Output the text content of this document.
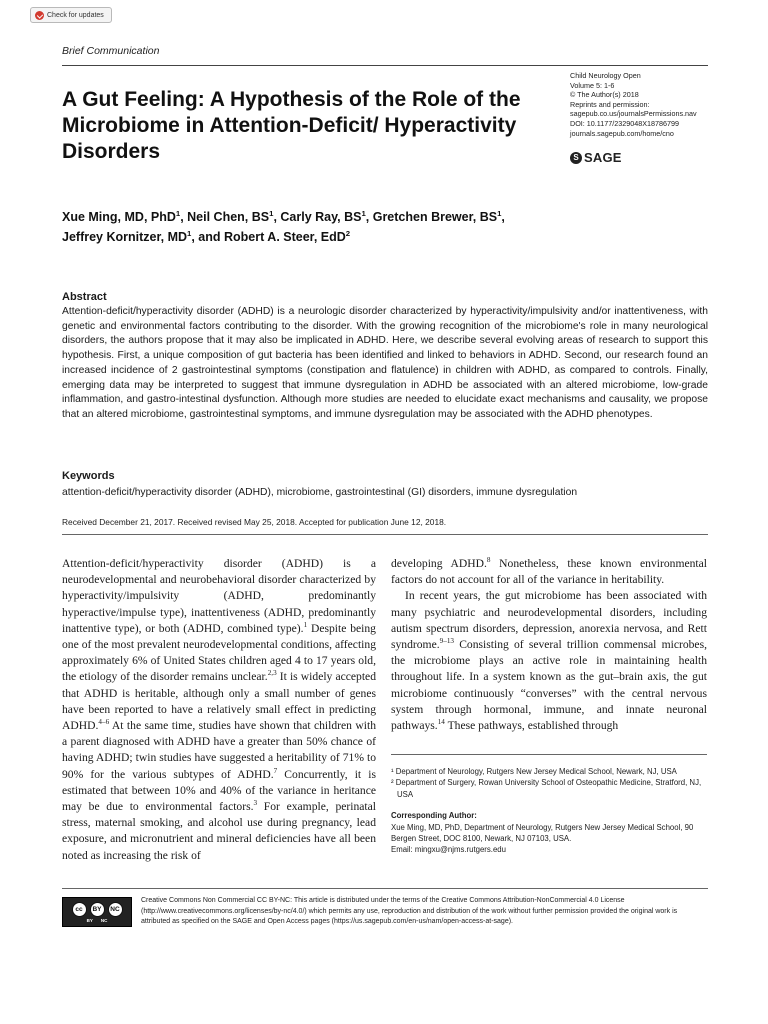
Check for updates
Brief Communication
Child Neurology Open
Volume 5: 1-6
© The Author(s) 2018
Reprints and permission:
sagepub.co.us/journalsPermissions.nav
DOI: 10.1177/2329048X18786799
journals.sagepub.com/home/cno
S SAGE
A Gut Feeling: A Hypothesis of the Role of the Microbiome in Attention-Deficit/ Hyperactivity Disorders
Xue Ming, MD, PhD$^1$, Neil Chen, $BS^1$, Carly Ray, $BS^1$, Gretchen Brewer, $BS^1$,
Jeffrey Kornitzer, $MD^1$, and Robert A. Steer, EdD$^2$
Abstract
Attention-deficit/hyperactivity disorder (ADHD) is a neurologic disorder characterized by hyperactivity/impulsivity and/or inattentiveness, with genetic and environmental factors contributing to the disorder. With the growing recognition of the microbiome's role in many neurological disorders, the authors propose that it may also be implicated in ADHD. Here, we describe several evolving areas of research to support this hypothesis. First, a unique composition of gut bacteria has been identified and linked to behaviors in ADHD. Second, our research found an increased incidence of 2 gastrointestinal symptoms (constipation and flatulence) in children with ADHD, as compared to controls. Finally, emerging data may be interpreted to suggest that immune dysregulation in ADHD be associated with an altered microbiome, low-grade inflammation, and gastro-intestinal dysfunction. Although more studies are needed to elucidate exact mechanisms and causality, we propose that an altered microbiome, gastrointestinal symptoms, and immune dysregulation may be associated with the ADHD phenotypes.
Keywords
attention-deficit/hyperactivity disorder (ADHD), microbiome, gastrointestinal (GI) disorders, immune dysregulation
Received December 21, 2017. Received revised May 25, 2018. Accepted for publication June 12, 2018.

Attention-deficit/hyperactivity disorder (ADHD) is a neurodevelopmental and neurobehavioral disorder characterized by hyperactivity/impulsivity (ADHD, predominantly hyperactive/impulse type), inattentiveness (ADHD, predominantly inattentive type), or both (ADHD, combined type).$^1$ Despite being one of the most prevalent neurodevelopmental conditions, affecting approximately 6% of United States children aged 4 to 17 years old, the etiology of the disorder remains unclear.$^{2,3}$ It is widely accepted that ADHD is heritable, although only a small number of genes have been reported to have a relatively small effect in predicting ADHD.$^{4-6}$ At the same time, studies have shown that children with a parent diagnosed with ADHD have a greater than 50% chance of having ADHD; twin studies have suggested a heritability of 71% to 90% for the various subtypes of ADHD.$^7$ Concurrently, it is estimated that between 10% and 40% of the variance in heritance may be due to environmental factors.$^3$ For example, perinatal stress, maternal smoking, and alcohol use during pregnancy, lead exposure, and micronutrient and mineral deficiencies have all been noted as increasing the risk of

developing ADHD.$^8$ Nonetheless, these known environmental factors do not account for all of the variance in heritability.

In recent years, the gut microbiome has been associated with many psychiatric and neurodevelopmental disorders, including autism spectrum disorders, depression, anorexia nervosa, and Rett syndrome.$^{9-13}$ Consisting of several trillion commensal microbes, the microbiome plays an active role in maintaining health throughout life. In a system known as the gut–brain axis, the gut microbiome continuously “converses” with the central nervous system through hormonal, immune, and innate neuronal pathways.$^{14}$ These pathways, established through

¹ Department of Neurology, Rutgers New Jersey Medical School, Newark, NJ, USA
² Department of Surgery, Rowan University School of Osteopathic Medicine, Stratford, NJ, USA
Corresponding Author:
Xue Ming, MD, PhD, Department of Neurology, Rutgers New Jersey Medical School, 90 Bergen Street, DOC 8100, Newark, NJ 07103, USA.
Email: mingxu@njms.rutgers.edu
cc	BY	NC
BY NC
Creative Commons Non Commercial CC BY-NC: This article is distributed under the terms of the Creative Commons Attribution-NonCommercial 4.0 License (http://www.creativecommons.org/licenses/by-nc/4.0/) which permits any use, reproduction and distribution of the work without further permission provided the original work is attributed as specified on the SAGE and Open Access pages (https://us.sagepub.com/en-us/nam/open-access-at-sage).
